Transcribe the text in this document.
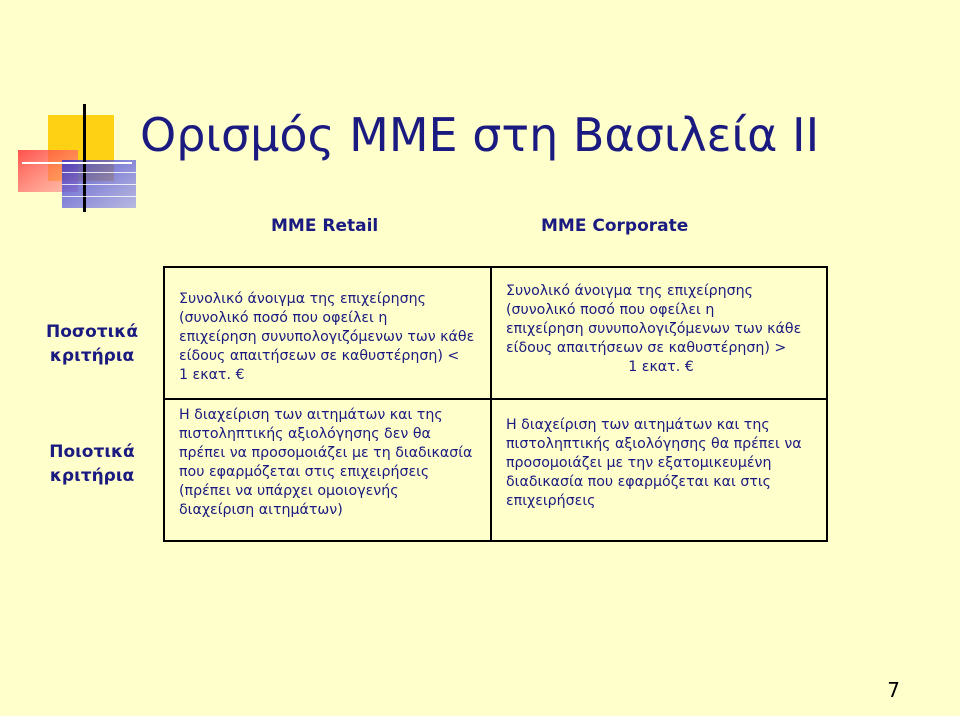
Ορισμός ΜΜΕ στη Βασιλεία ΙΙ
ΜΜΕ Retail	ΜΜΕ Corporate
Ποσοτικά
κριτήρια
Ποιοτικά
κριτήρια
Συνολικό άνοιγμα της επιχείρησης
(συνολικό ποσό που οφείλει η
επιχείρηση συνυπολογιζόμενων των κάθε
είδους απαιτήσεων σε καθυστέρηση) <
1 εκατ. €
Συνολικό άνοιγμα της επιχείρησης
(συνολικό ποσό που οφείλει η
επιχείρηση συνυπολογιζόμενων των κάθε
είδους απαιτήσεων σε καθυστέρηση) >
1 εκατ. €
Η διαχείριση των αιτημάτων και της
πιστοληπτικής αξιολόγησης δεν θα
πρέπει να προσομοιάζει με τη διαδικασία
που εφαρμόζεται στις επιχειρήσεις
(πρέπει να υπάρχει ομοιογενής
διαχείριση αιτημάτων)
Η διαχείριση των αιτημάτων και της
πιστοληπτικής αξιολόγησης θα πρέπει να
προσομοιάζει με την εξατομικευμένη
διαδικασία που εφαρμόζεται και στις
επιχειρήσεις
7
